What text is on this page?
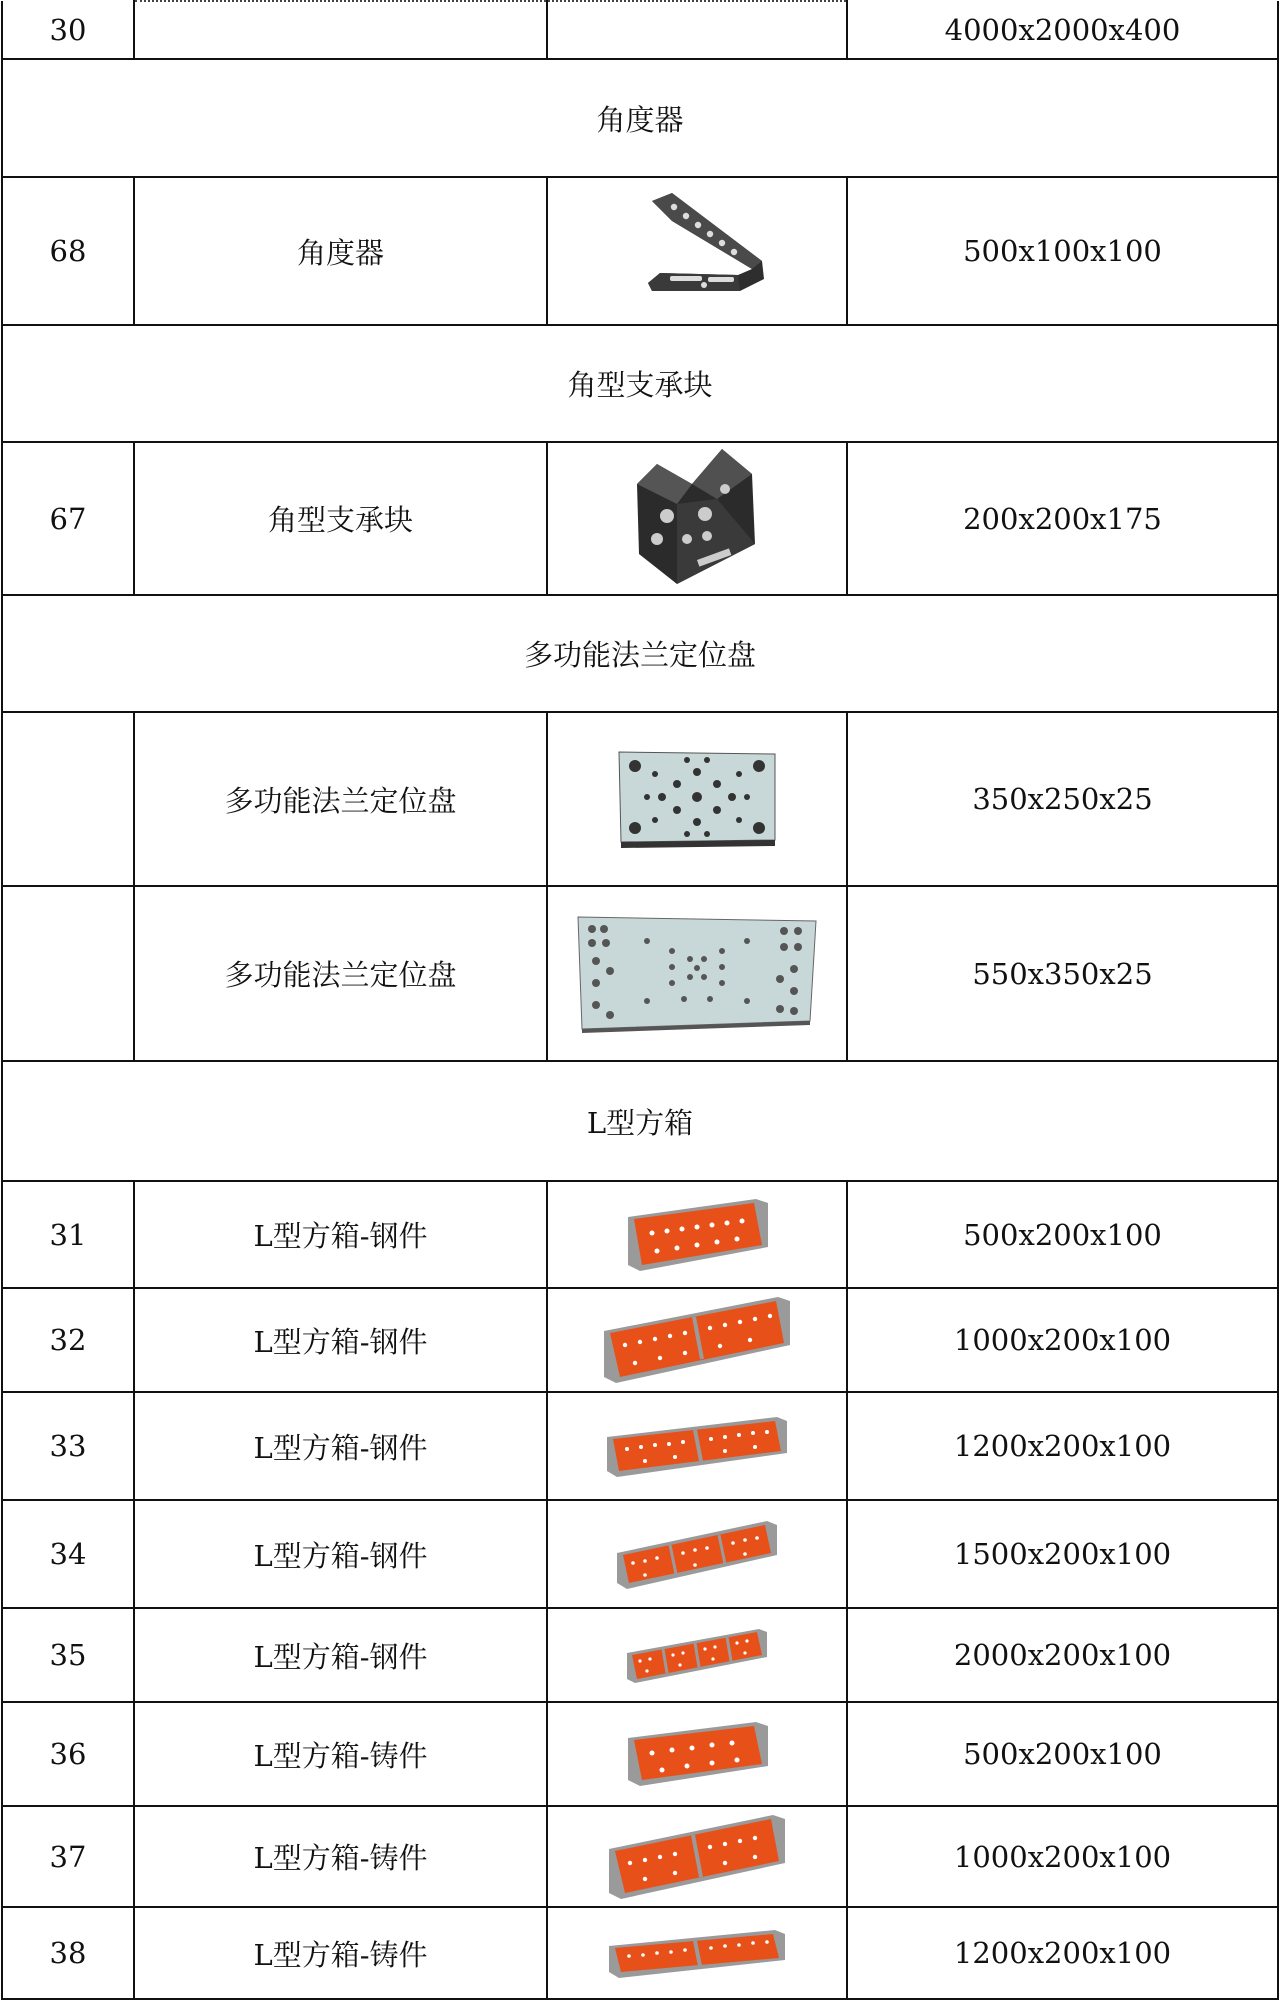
30			4000x2000x400
角度器			
68	角度器		500x100x100
角型支承块			
67	角型支承块		200x200x175
多功能法兰定位盘			
	多功能法兰定位盘		350x250x25
	多功能法兰定位盘		550x350x25
L型方箱			
31	L型方箱-钢件		500x200x100
32	L型方箱-钢件		1000x200x100
33	L型方箱-钢件		1200x200x100
34	L型方箱-钢件		1500x200x100
35	L型方箱-钢件		2000x200x100
36	L型方箱-铸件		500x200x100
37	L型方箱-铸件		1000x200x100
38	L型方箱-铸件		1200x200x100
